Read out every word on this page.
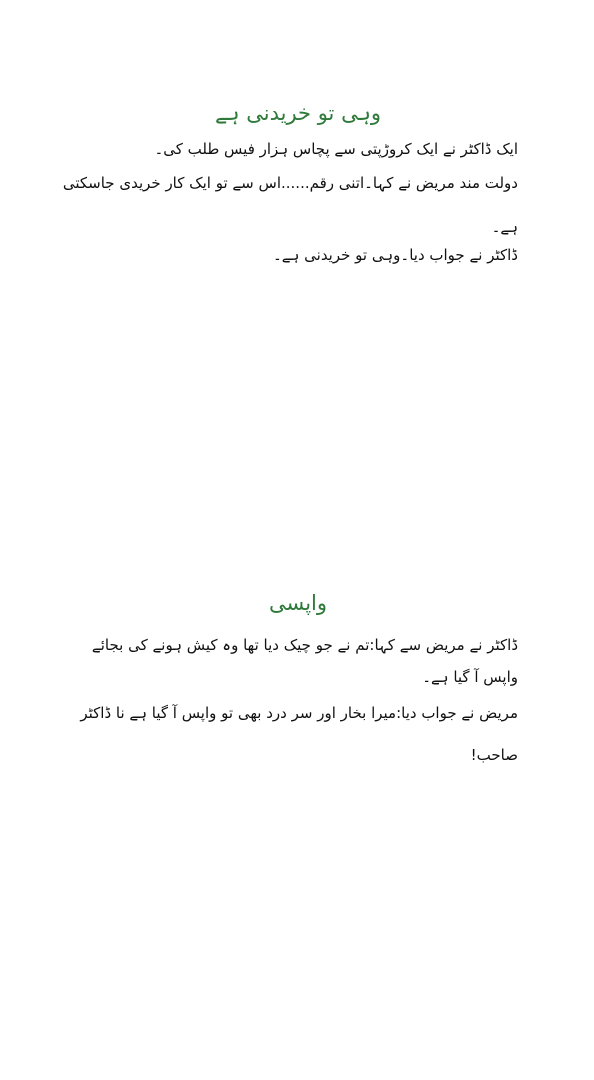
وہی تو خریدنی ہے

ایک ڈاکٹر نے ایک کروڑپتی سے پچاس ہزار فیس طلب کی۔

دولت مند مریض نے کہا۔اتنی رقم......اس سے تو ایک کار خریدی جاسکتی

ہے۔

ڈاکٹر نے جواب دیا۔وہی تو خریدنی ہے۔

واپسی

ڈاکٹر نے مریض سے کہا:تم نے جو چیک دیا تھا وہ کیش ہونے کی بجائے

واپس آ گیا ہے۔

مریض نے جواب دیا:میرا بخار اور سر درد بھی تو واپس آ گیا ہے نا ڈاکٹر

صاحب!
